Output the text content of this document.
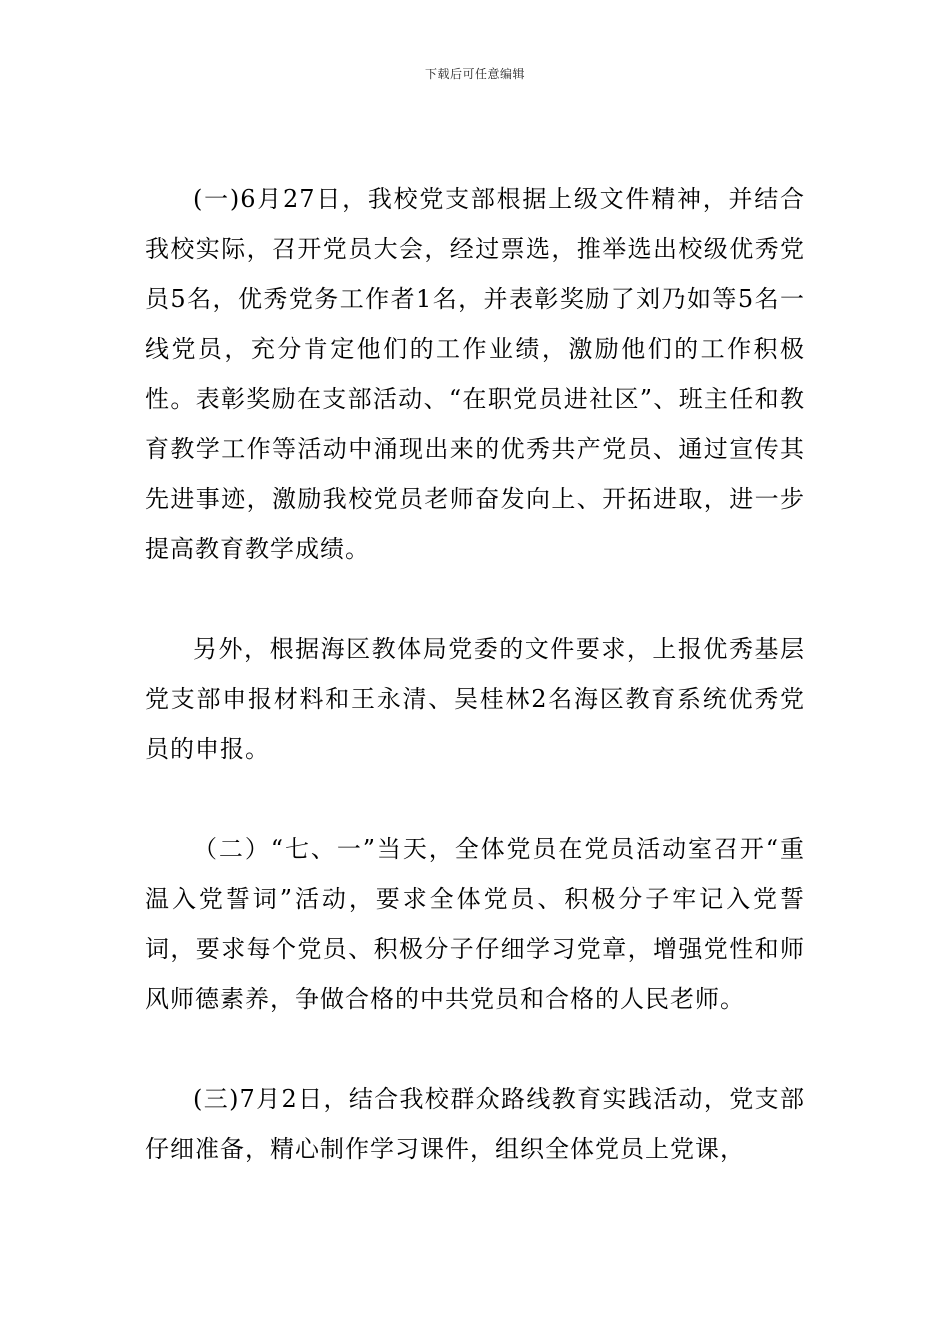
下载后可任意编辑

(一)6月27日，我校党支部根据上级文件精神，并结合我校实际，召开党员大会，经过票选，推举选出校级优秀党员5名，优秀党务工作者1名，并表彰奖励了刘乃如等5名一线党员，充分肯定他们的工作业绩，激励他们的工作积极性。表彰奖励在支部活动、“在职党员进社区”、班主任和教育教学工作等活动中涌现出来的优秀共产党员、通过宣传其先进事迹，激励我校党员老师奋发向上、开拓进取，进一步提高教育教学成绩。

另外，根据海区教体局党委的文件要求，上报优秀基层党支部申报材料和王永清、吴桂林2名海区教育系统优秀党员的申报。

（二）“七、一”当天，全体党员在党员活动室召开“重温入党誓词”活动，要求全体党员、积极分子牢记入党誓词，要求每个党员、积极分子仔细学习党章，增强党性和师风师德素养，争做合格的中共党员和合格的人民老师。

(三)7月2日，结合我校群众路线教育实践活动，党支部仔细准备，精心制作学习课件，组织全体党员上党课，
